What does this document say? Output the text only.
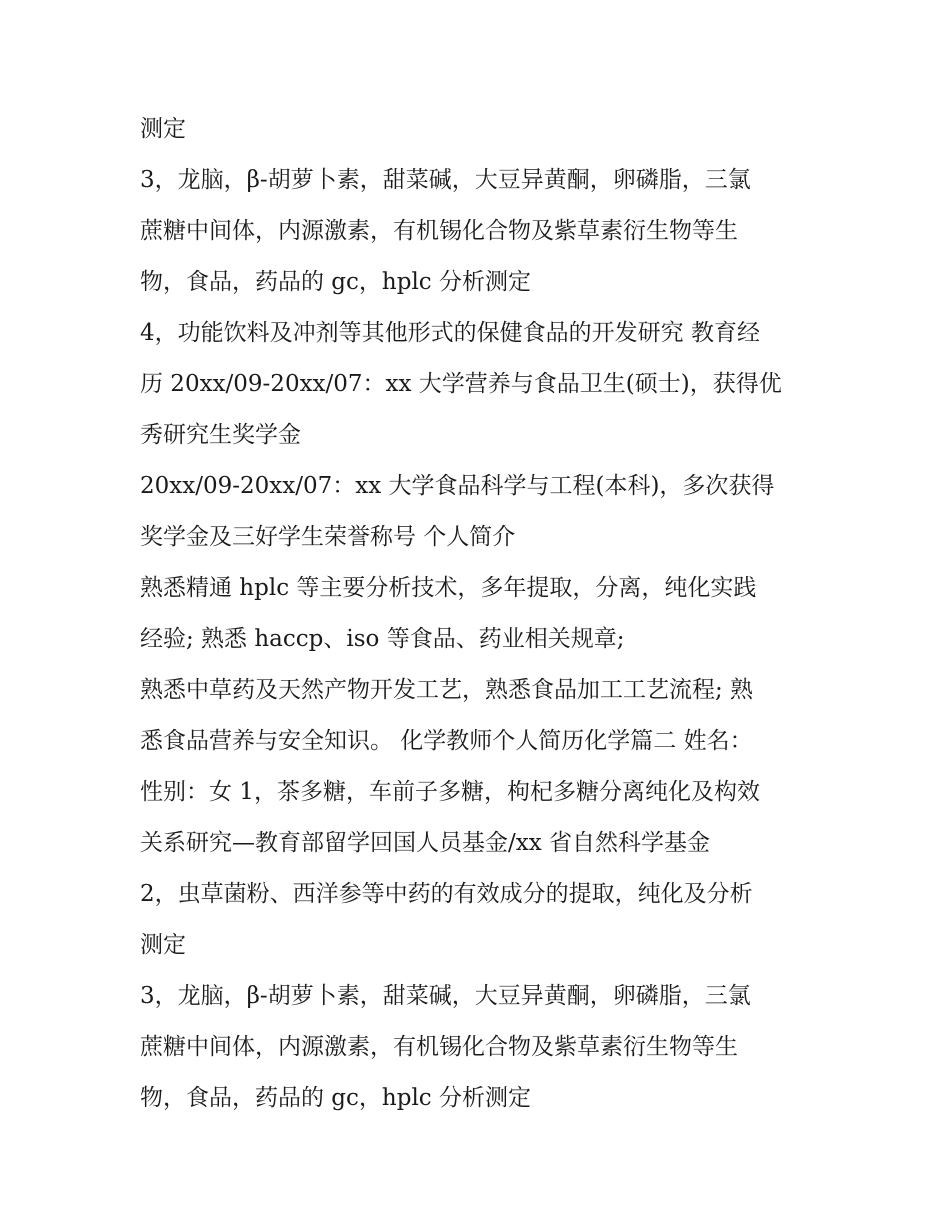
测定
3，龙脑，β-胡萝卜素，甜菜碱，大豆异黄酮，卵磷脂，三氯
蔗糖中间体，内源激素，有机锡化合物及紫草素衍生物等生
物，食品，药品的 gc，hplc 分析测定
4，功能饮料及冲剂等其他形式的保健食品的开发研究 教育经
历 20xx/09-20xx/07：xx 大学营养与食品卫生(硕士)，获得优
秀研究生奖学金
20xx/09-20xx/07：xx 大学食品科学与工程(本科)，多次获得
奖学金及三好学生荣誉称号 个人简介
熟悉精通 hplc 等主要分析技术，多年提取，分离，纯化实践
经验; 熟悉 haccp、iso 等食品、药业相关规章;
熟悉中草药及天然产物开发工艺，熟悉食品加工工艺流程; 熟
悉食品营养与安全知识。 化学教师个人简历化学篇二 姓名：
性别：女 1，茶多糖，车前子多糖，枸杞多糖分离纯化及构效
关系研究—教育部留学回国人员基金/xx 省自然科学基金
2，虫草菌粉、西洋参等中药的有效成分的提取，纯化及分析
测定
3，龙脑，β-胡萝卜素，甜菜碱，大豆异黄酮，卵磷脂，三氯
蔗糖中间体，内源激素，有机锡化合物及紫草素衍生物等生
物，食品，药品的 gc，hplc 分析测定
